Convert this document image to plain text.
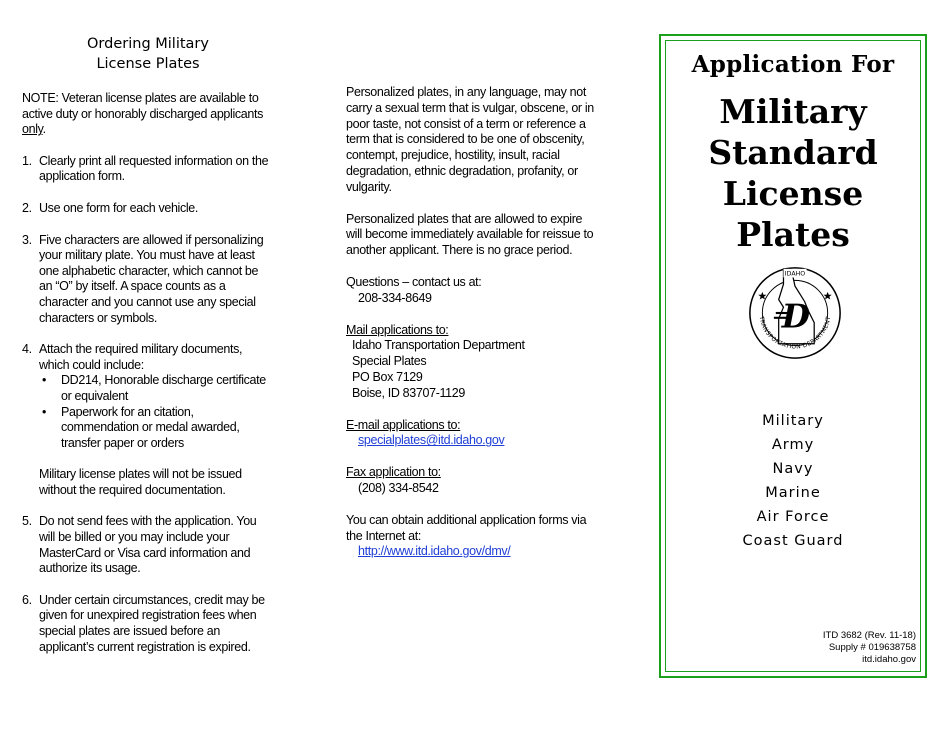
Ordering Military
License Plates
NOTE: Veteran license plates are available to active duty or honorably discharged applicants only.
1. Clearly print all requested information on the application form.
2. Use one form for each vehicle.
3. Five characters are allowed if personalizing your military plate. You must have at least one alphabetic character, which cannot be an “O” by itself. A space counts as a character and you cannot use any special characters or symbols.
4. Attach the required military documents, which could include:
• DD214, Honorable discharge certificate or equivalent
• Paperwork for an citation, commendation or medal awarded, transfer paper or orders
Military license plates will not be issued without the required documentation.
5. Do not send fees with the application. You will be billed or you may include your MasterCard or Visa card information and authorize its usage.
6. Under certain circumstances, credit may be given for unexpired registration fees when special plates are issued before an applicant’s current registration is expired.

Personalized plates, in any language, may not carry a sexual term that is vulgar, obscene, or in poor taste, not consist of a term or reference a term that is considered to be one of obscenity, contempt, prejudice, hostility, insult, racial degradation, ethnic degradation, profanity, or vulgarity.

Personalized plates that are allowed to expire will become immediately available for reissue to another applicant. There is no grace period.

Questions – contact us at:
208-334-8649

Mail applications to:
Idaho Transportation Department
Special Plates
PO Box 7129
Boise, ID 83707-1129

E-mail applications to:
specialplates@itd.idaho.gov

Fax application to:
(208) 334-8542

You can obtain additional application forms via the Internet at:
http://www.itd.idaho.gov/dmv/

Application For
Military
Standard
License
Plates
IDAHO
TRANSPORTATION DEPARTMENT
D
Military
Army
Navy
Marine
Air Force
Coast Guard
ITD 3682 (Rev. 11-18)
Supply # 019638758
itd.idaho.gov
